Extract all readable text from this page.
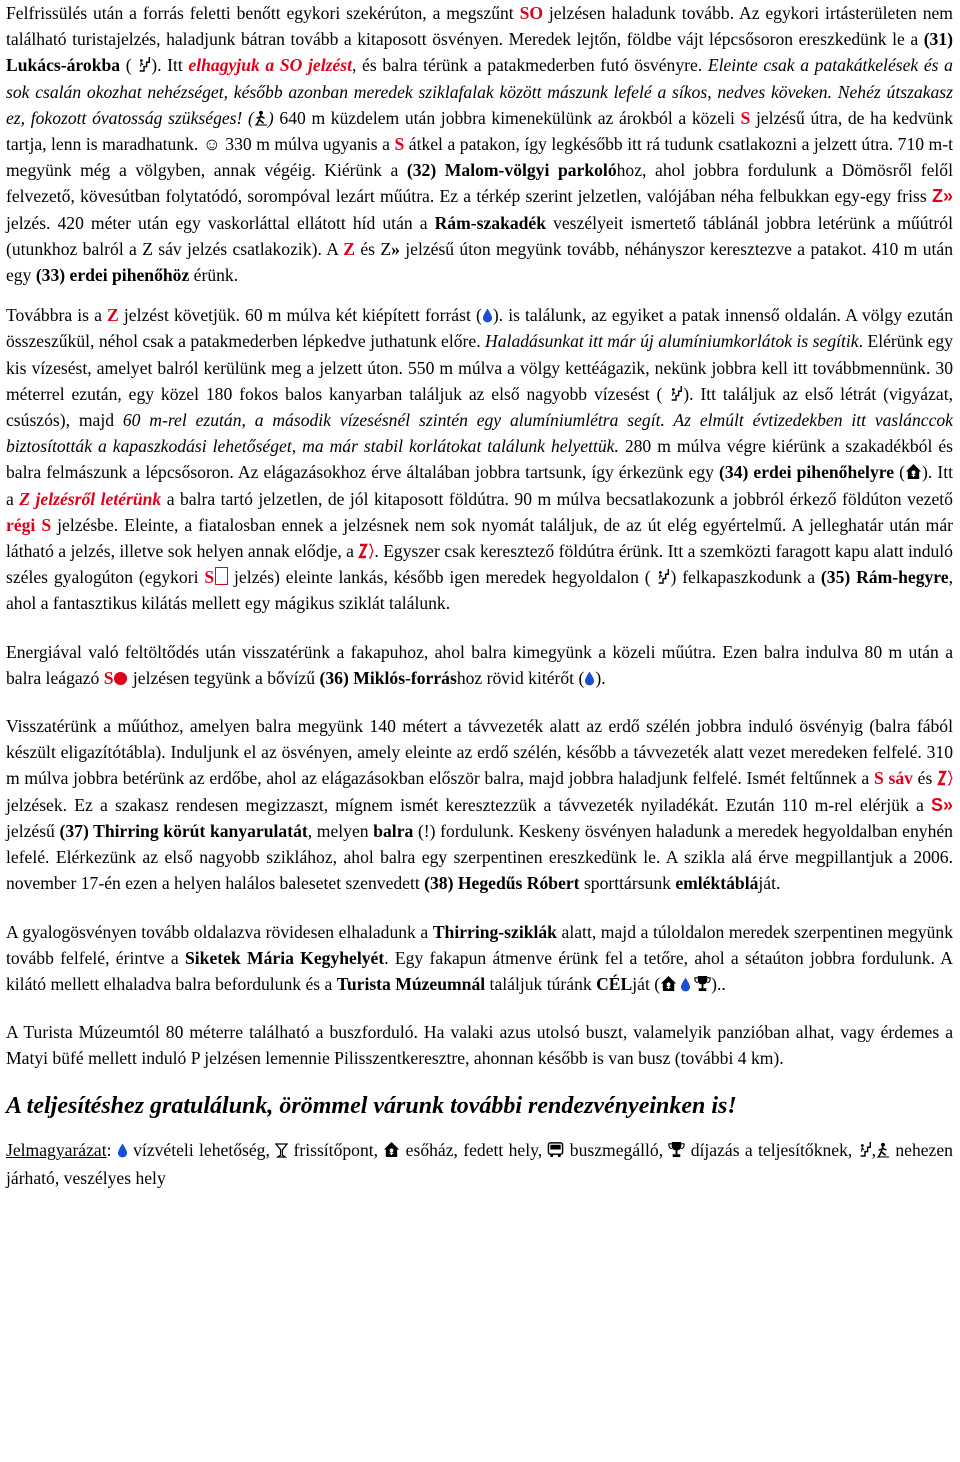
Felfrissülés után a forrás feletti benőtt egykori szekérúton, a megszűnt SO jelzésen haladunk tovább. Az egykori irtásterületen nem található turistajelzés, haladjunk bátran tovább a kitaposott ösvényen. Meredek lejtőn, földbe vájt lépcsősoron ereszkedünk le a (31) Lukács-árokba ( ). Itt elhagyjuk a SO jelzést, és balra térünk a patakmederben futó ösvényre. Eleinte csak a patakátkelések és a sok csalán okozhat nehézséget, később azonban meredek sziklafalak között mászunk lefelé a síkos, nedves köveken. Nehéz útszakasz ez, fokozott óvatosság szükséges! ( ) 640 m küzdelem után jobbra kimenekülünk az árokból a közeli S jelzésű útra, de ha kedvünk tartja, lenn is maradhatunk. ☺ 330 m múlva ugyanis a S átkel a patakon, így legkésőbb itt rá tudunk csatlakozni a jelzett útra. 710 m-t megyünk még a völgyben, annak végéig. Kiérünk a (32) Malom-völgyi parkolóhoz, ahol jobbra fordulunk a Dömösről felől felvezető, kövesútban folytatódó, sorompóval lezárt műútra. Ez a térkép szerint jelzetlen, valójában néha felbukkan egy-egy friss Z» jelzés. 420 méter után egy vaskorláttal ellátott híd után a Rám-szakadék veszélyeit ismertető táblánál jobbra letérünk a műútról (utunkhoz balról a Z sáv jelzés csatlakozik). A Z és Z» jelzésű úton megyünk tovább, néhányszor keresztezve a patakot. 410 m után egy (33) erdei pihenőhöz érünk.

Továbbra is a Z jelzést követjük. 60 m múlva két kiépített forrást ( ). is találunk, az egyiket a patak innenső oldalán. A völgy ezután összeszűkül, néhol csak a patakmederben lépkedve juthatunk előre. Haladásunkat itt már új alumíniumkorlátok is segítik. Elérünk egy kis vízesést, amelyet balról kerülünk meg a jelzett úton. 550 m múlva a völgy kettéágazik, nekünk jobbra kell itt továbbmennünk. 30 méterrel ezután, egy közel 180 fokos balos kanyarban találjuk az első nagyobb vízesést ( ). Itt találjuk az első létrát (vigyázat, csúszós), majd 60 m-rel ezután, a második vízesésnél szintén egy alumíniumlétra segít. Az elmúlt évtizedekben itt vaslánccok biztosították a kapaszkodási lehetőséget, ma már stabil korlátokat találunk helyettük. 280 m múlva végre kiérünk a szakadékból és balra felmászunk a lépcsősoron. Az elágazásokhoz érve általában jobbra tartsunk, így érkezünk egy (34) erdei pihenőhelyre ( ). Itt a Z jelzésről letérünk a balra tartó jelzetlen, de jól kitaposott földútra. 90 m múlva becsatlakozunk a jobbról érkező földúton vezető régi S jelzésbe. Eleinte, a fiatalosban ennek a jelzésnek nem sok nyomát találjuk, de az út elég egyértelmű. A jelleghatár után már látható a jelzés, illetve sok helyen annak elődje, a . Egyszer csak keresztező földútra érünk. Itt a szemközti faragott kapu alatt induló széles gyalogúton (egykori S jelzés) eleinte lankás, később igen meredek hegyoldalon ( ) felkapaszkodunk a (35) Rám-hegyre, ahol a fantasztikus kilátás mellett egy mágikus sziklát találunk.

Energiával való feltöltődés után visszatérünk a fakapuhoz, ahol balra kimegyünk a közeli műútra. Ezen balra indulva 80 m után a balra leágazó S jelzésen tegyünk a bővízű (36) Miklós-forráshoz rövid kitérőt ( ).

Visszatérünk a műúthoz, amelyen balra megyünk 140 métert a távvezeték alatt az erdő szélén jobbra induló ösvényig (balra fából készült eligazítótábla). Induljunk el az ösvényen, amely eleinte az erdő szélén, később a távvezeték alatt vezet meredeken felfelé. 310 m múlva jobbra betérünk az erdőbe, ahol az elágazásokban először balra, majd jobbra haladjunk felfelé. Ismét feltűnnek a S sáv és  jelzések. Ez a szakasz rendesen megizzaszt, mígnem ismét keresztezzük a távvezeték nyiladékát. Ezután 110 m-rel elérjük a S» jelzésű (37) Thirring körút kanyarulatát, melyen balra (!) fordulunk. Keskeny ösvényen haladunk a meredek hegyoldalban enyhén lefelé. Elérkezünk az első nagyobb sziklához, ahol balra egy szerpentinen ereszkedünk le. A szikla alá érve megpillantjuk a 2006. november 17-én ezen a helyen halálos balesetet szenvedett (38) Hegedűs Róbert sporttársunk emléktábláját.

A gyalogösvényen tovább oldalazva rövidesen elhaladunk a Thirring-sziklák alatt, majd a túloldalon meredek szerpentinen megyünk tovább felfelé, érintve a Siketek Mária Kegyhelyét. Egy fakapun átmenve érünk fel a tetőre, ahol a sétaúton jobbra fordulunk. A kilátó mellett elhaladva balra befordulunk és a Turista Múzeumnál találjuk túránk CÉLját (	)..

A Turista Múzeumtól 80 méterre található a buszforduló. Ha valaki azus utolsó buszt, valamelyik panzióban alhat, vagy érdemes a Matyi büfé mellett induló P jelzésen lemennie Pilisszentkeresztre, ahonnan később is van busz (további 4 km).

A teljesítéshez gratulálunk, örömmel várunk további rendezvényeinken is!

Jelmagyarázat:  vízvételi lehetőség,  frissítőpont,  esőház, fedett hely,  buszmegálló,  díjazás a teljesítőknek, , nehezen járható, veszélyes hely
